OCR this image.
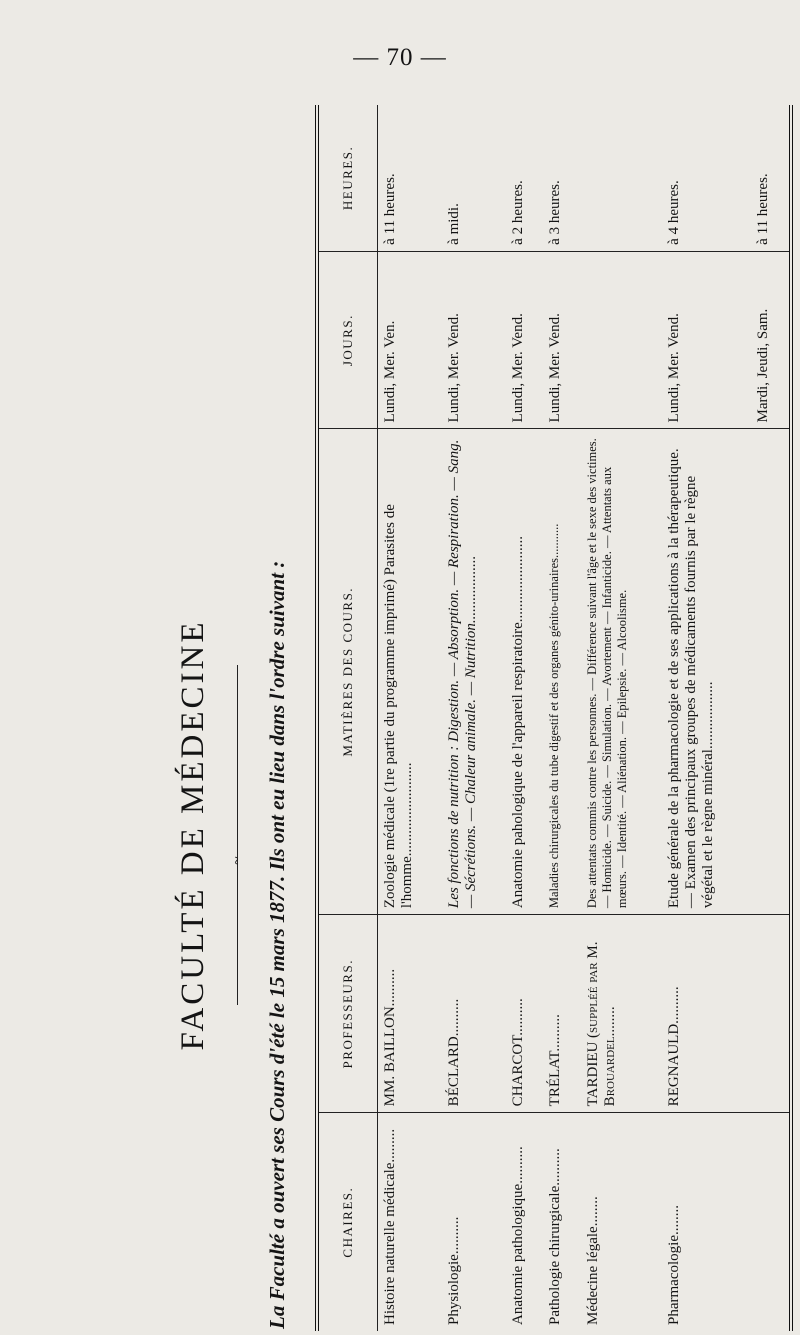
— 70 —
FACULTÉ DE MÉDECINE ~ La Faculté a ouvert ses Cours d'été le 15 mars 1877. Ils ont eu lieu dans l'ordre suivant :	CHAIRES.	PROFESSEURS.	MATIÈRES DES COURS.	JOURS.	HEURES.
Histoire naturelle médicale.........	MM. BAILLON..........	Zoologie médicale (1re partie du programme imprimé) Parasites de l'homme.........................	Lundi, Mer. Ven.	à 11 heures.
Physiologie..........	BÉCLARD..........	Les fonctions de nutrition : Digestion. — Absorption. — Respiration. — Sang. — Sécrétions. — Chaleur animale. — Nutrition..................	Lundi, Mer. Vend.	à midi.
Anatomie pathologique..........	CHARCOT..........	Anatomie pahologique de l'appareil respiratoire.......................	Lundi, Mer. Vend.	à 2 heures.
Pathologie chirurgicale..........	TRÉLAT..........	Maladies chirurgicales du tube digestif et des organes génito-urinaires...........	Lundi, Mer. Vend.	à 3 heures.
Médecine légale........	TARDIEU (suppléé par M. Brouardel........	Des attentats commis contre les personnes. — Différence suivant l'âge et le sexe des victimes. — Homicide. — Suicide. — Simulation. — Avortement — Infanticide. — Attentats aux mœurs. — Identité. — Aliénation. — Epilepsie. — Alcoolisme.		
Pharmacologie........	REGNAULD..........	Etude générale de la pharmacologie et de ses applications à la thérapeutique. — Examen des principaux groupes de médicaments fournis par le règne végétal et le règne minéral..................	Lundi, Mer. Vend.	à 4 heures.
			Mardi, Jeudi, Sam.	à 11 heures.
